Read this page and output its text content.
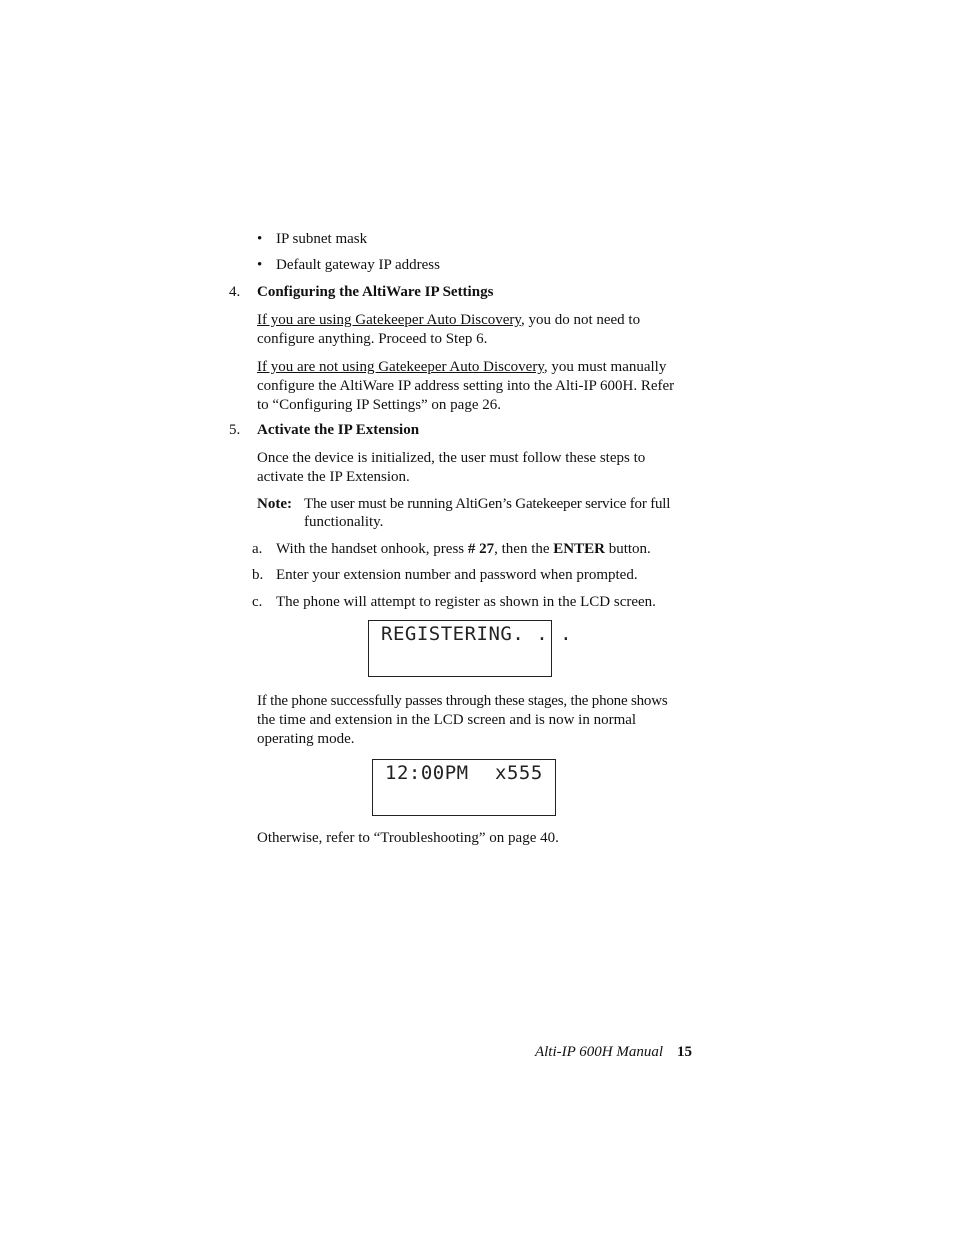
• IP subnet mask
• Default gateway IP address
4. Configuring the AltiWare IP Settings
If you are using Gatekeeper Auto Discovery, you do not need to
configure anything. Proceed to Step 6.
If you are not using Gatekeeper Auto Discovery, you must manually
configure the AltiWare IP address setting into the Alti-IP 600H. Refer
to “Configuring IP Settings” on page 26.
5. Activate the IP Extension
Once the device is initialized, the user must follow these steps to
activate the IP Extension.
Note: The user must be running AltiGen’s Gatekeeper service for full
functionality.
a. With the handset onhook, press # 27, then the ENTER button.
b. Enter your extension number and password when prompted.
c. The phone will attempt to register as shown in the LCD screen.
REGISTERING. . .
If the phone successfully passes through these stages, the phone shows
the time and extension in the LCD screen and is now in normal
operating mode.
12:00PM x555
Otherwise, refer to “Troubleshooting” on page 40.
Alti-IP 600H Manual 15
